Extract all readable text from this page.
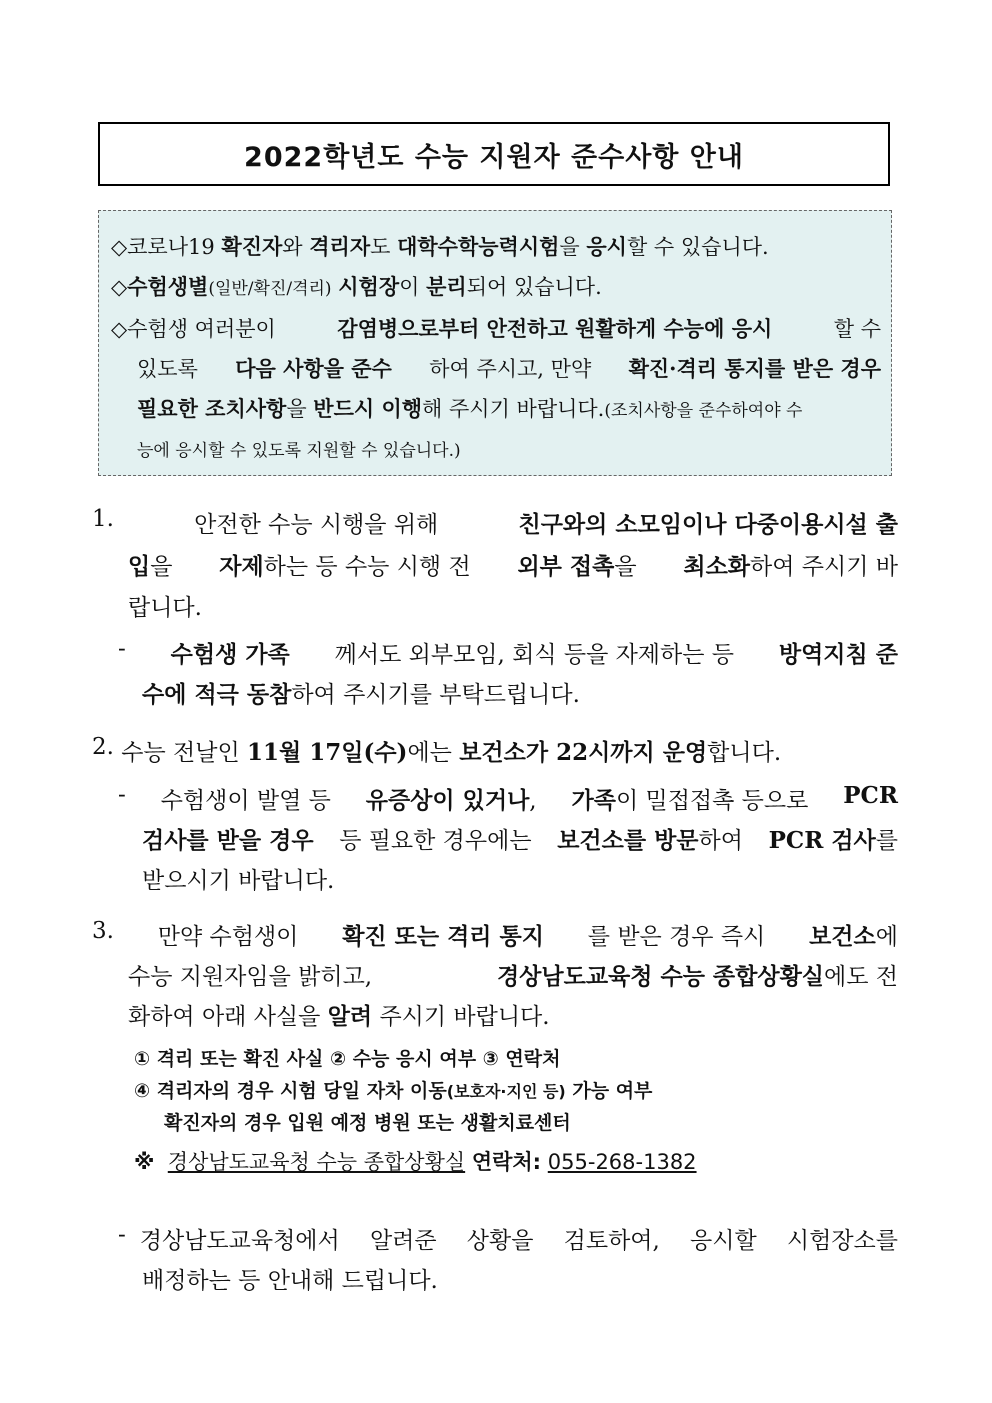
2022학년도 수능 지원자 준수사항 안내
◇코로나19 확진자와 격리자도 대학수학능력시험을 응시할 수 있습니다.
◇수험생별(일반/확진/격리) 시험장이 분리되어 있습니다.
◇수험생 여러분이	감염병으로부터 안전하고 원활하게 수능에 응시	할 수
있도록 다음 사항을 준수 하여 주시고, 만약 확진·격리 통지를 받은 경우
필요한 조치사항을 반드시 이행해 주시기 바랍니다.(조치사항을 준수하여야 수
능에 응시할 수 있도록 지원할 수 있습니다.)
1.	안전한 수능 시행을 위해	친구와의 소모임이나 다중이용시설 출
입을 자제하는 등 수능 시행 전 외부 접촉을 최소화하여 주시기 바
랍니다.
- 수험생 가족 께서도 외부모임, 회식 등을 자제하는 등 방역지침 준
수에 적극 동참 하여 주시기를 부탁드립니다.
2.
수능 전날인
11월 17일(수) 에는
보건소가 22시까지 운영 합니다.
- 수험생이 발열 등 유증상이 있거나, 가족이 밀접접촉 등으로 PCR
검사를 받을 경우 등 필요한 경우에는 보건소를 방문하여 PCR 검사를
받으시기 바랍니다.
3. 만약 수험생이 확진 또는 격리 통지 를 받은 경우 즉시 보건소에
수능 지원자임을 밝히고,	경상남도교육청 수능 종합상황실에도 전
화하여 아래 사실을
알려
주시기 바랍니다.
① 격리 또는 확진 사실 ② 수능 응시 여부 ③ 연락처
④ 격리자의 경우 시험 당일 자차 이동(보호자·지인 등) 가능 여부
확진자의 경우 입원 예정 병원 또는 생활치료센터
※ 경상남도교육청 수능 종합상황실 연락처: 055-268-1382
- 경상남도교육청에서 알려준 상황을 검토하여, 응시할 시험장소를
배정하는 등 안내해 드립니다.
